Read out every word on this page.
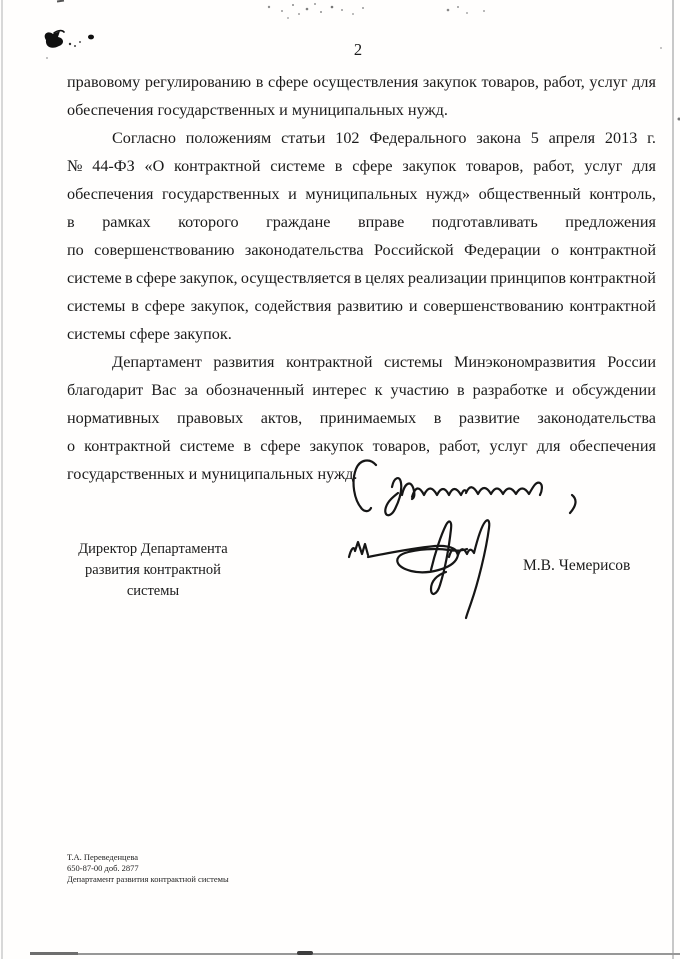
2
правовому регулированию в сфере осуществления закупок товаров, работ, услуг для
обеспечения государственных и муниципальных нужд.
Согласно положениям статьи 102 Федерального закона 5 апреля 2013 г.
№ 44-ФЗ «О контрактной системе в сфере закупок товаров, работ, услуг для
обеспечения государственных и муниципальных нужд» общественный контроль,
в рамках которого граждане вправе подготавливать предложения
по совершенствованию законодательства Российской Федерации о контрактной
системе в сфере закупок, осуществляется в целях реализации принципов контрактной
системы в сфере закупок, содействия развитию и совершенствованию контрактной
системы сфере закупок.
Департамент развития контрактной системы Минэкономразвития России
благодарит Вас за обозначенный интерес к участию в разработке и обсуждении
нормативных правовых актов, принимаемых в развитие законодательства
о контрактной системе в сфере закупок товаров, работ, услуг для обеспечения
государственных и муниципальных нужд.
Директор Департамента
развития контрактной системы
М.В. Чемерисов
Т.А. Переведенцева
650-87-00 доб. 2877
Департамент развития контрактной системы
